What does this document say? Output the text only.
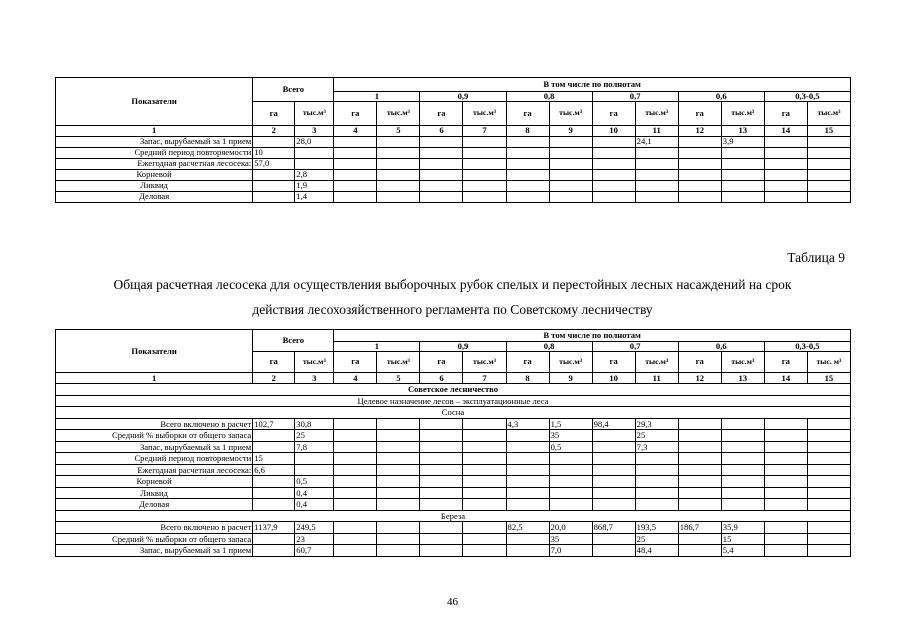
Показатели	Всего		В том числе по полнотам											
			1		0,9		0,8		0,7		0,6		0,3-0,5	
	га	тыс.м³	га	тыс.м³	га	тыс.м³	га	тыс.м³	га	тыс.м³	га	тыс.м³	га	тыс.м³
1	2	3	4	5	6	7	8	9	10	11	12	13	14	15
Запас, вырубаемый за 1 прием		28,0								24,1		3,9		
Средний период повторяемости	10													
Ежегодная расчетная лесосека:	57,0													
Корневой		2,8												
Ликвид		1,9												
Деловая		1,4												
Таблица 9
Общая расчетная лесосека для осуществления выборочных рубок спелых и перестойных лесных насаждений на срок
действия лесохозяйственного регламента по Советскому лесничеству
Показатели	Всего		В том числе по полнотам											
			1		0,9		0,8		0,7		0,6		0,3-0,5	
	га	тыс.м³	га	тыс.м³	га	тыс.м³	га	тыс.м³	га	тыс.м³	га	тыс.м³	га	тыс. м³
1	2	3	4	5	6	7	8	9	10	11	12	13	14	15
Советское лесничество														
Целевое назначение лесов – эксплуатационные леса														
Сосна														
Всего включено в расчет	102,7	30,8					4,3	1,5	98,4	29,3				
Средний % выборки от общего запаса		25						35		25				
Запас, вырубаемый за 1 прием		7,8						0,5		7,3				
Средний период повторяемости	15													
Ежегодная расчетная лесосека:	6,6													
Корневой		0,5												
Ликвид		0,4												
Деловая		0,4												
Береза														
Всего включено в расчет	1137,9	249,5					82,5	20,0	868,7	193,5	186,7	35,9		
Средний % выборки от общего запаса		23						35		25		15		
Запас, вырубаемый за 1 прием		60,7						7,0		48,4		5,4		
46
